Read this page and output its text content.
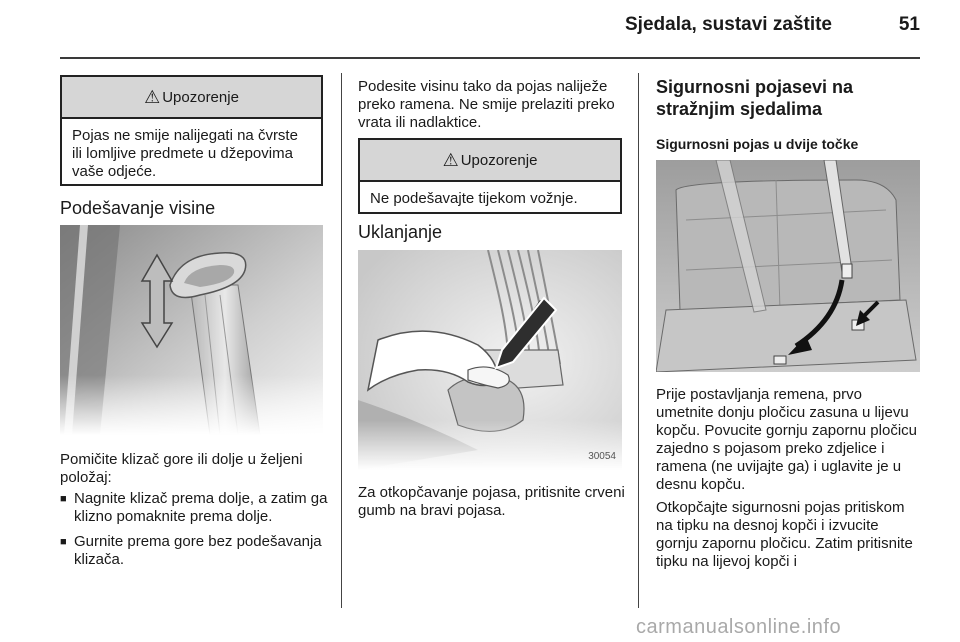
Sjedala, sustavi zaštite	51
⚠ Upozorenje
Pojas ne smije nalijegati na čvrste ili lomljive predmete u džepovima vaše odjeće.
Podešavanje visine
Pomičite klizač gore ili dolje u željeni položaj:
■ Nagnite klizač prema dolje, a zatim ga klizno pomaknite prema dolje.
■ Gurnite prema gore bez podešavanja klizača.
Podesite visinu tako da pojas naliježe preko ramena. Ne smije prelaziti preko vrata ili nadlaktice.
⚠ Upozorenje
Ne podešavajte tijekom vožnje.
Uklanjanje
30054
Za otkopčavanje pojasa, pritisnite crveni gumb na bravi pojasa.
Sigurnosni pojasevi na stražnjim sjedalima
Sigurnosni pojas u dvije točke
Prije postavljanja remena, prvo umetnite donju pločicu zasuna u lijevu kopču. Povucite gornju zapornu pločicu zajedno s pojasom preko zdjelice i ramena (ne uvijajte ga) i uglavite je u desnu kopču.
Otkopčajte sigurnosni pojas pritiskom na tipku na desnoj kopči i izvucite gornju zapornu pločicu. Zatim pritisnite tipku na lijevoj kopči i
carmanualsonline.info
